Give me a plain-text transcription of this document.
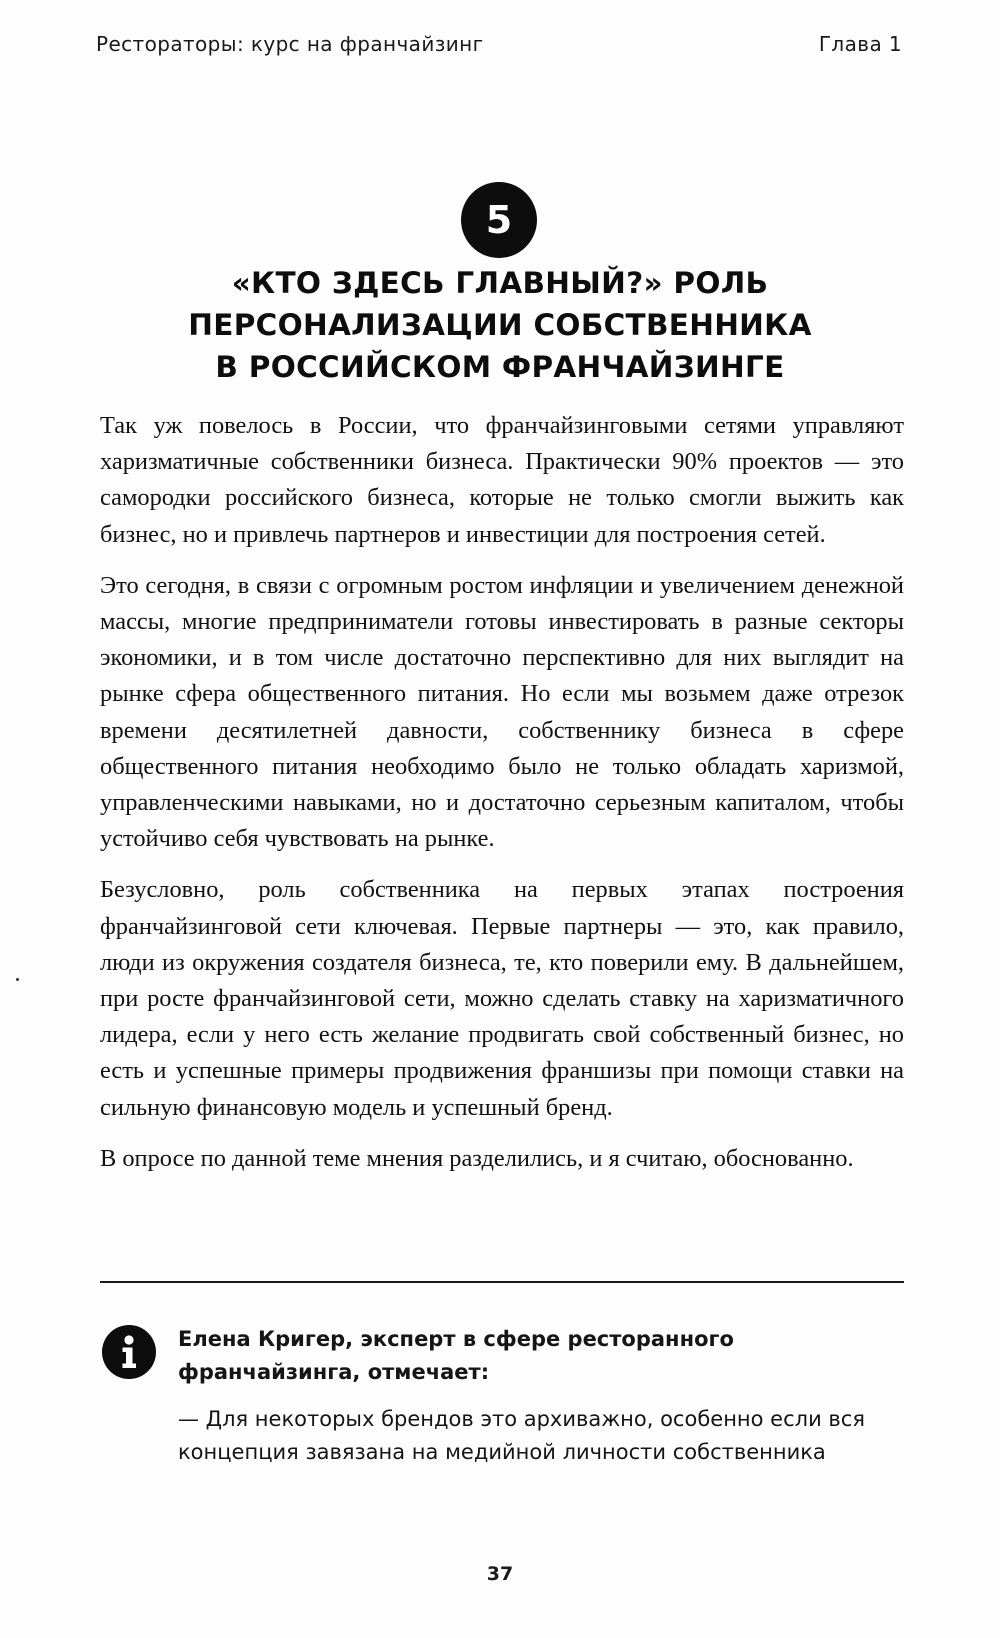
Рестораторы: курс на франчайзинг	Глава 1
5
«КТО ЗДЕСЬ ГЛАВНЫЙ?» РОЛЬ
ПЕРСОНАЛИЗАЦИИ СОБСТВЕННИКА
В РОССИЙСКОМ ФРАНЧАЙЗИНГЕ

Так уж повелось в России, что франчайзинговыми сетями управляют харизматичные собственники бизнеса. Практически 90% проектов — это самородки российского бизнеса, которые не только смогли выжить как бизнес, но и привлечь партнеров и инвестиции для построения сетей.

Это сегодня, в связи с огромным ростом инфляции и увеличением денежной массы, многие предприниматели готовы инвестировать в разные секторы экономики, и в том числе достаточно перспективно для них выглядит на рынке сфера общественного питания. Но если мы возьмем даже отрезок времени десятилетней давности, собственнику бизнеса в сфере общественного питания необходимо было не только обладать харизмой, управленческими навыками, но и достаточно серьезным капиталом, чтобы устойчиво себя чувствовать на рынке.

Безусловно, роль собственника на первых этапах построения франчайзинговой сети ключевая. Первые партнеры — это, как правило, люди из окружения создателя бизнеса, те, кто поверили ему. В дальнейшем, при росте франчайзинговой сети, можно сделать ставку на харизматичного лидера, если у него есть желание продвигать свой собственный бизнес, но есть и успешные примеры продвижения франшизы при помощи ставки на сильную финансовую модель и успешный бренд.

В опросе по данной теме мнения разделились, и я считаю, обоснованно.

Елена Кригер, эксперт в сфере ресторанного франчайзинга, отмечает:

— Для некоторых брендов это архиважно, особенно если вся концепция завязана на медийной личности собственника

37
